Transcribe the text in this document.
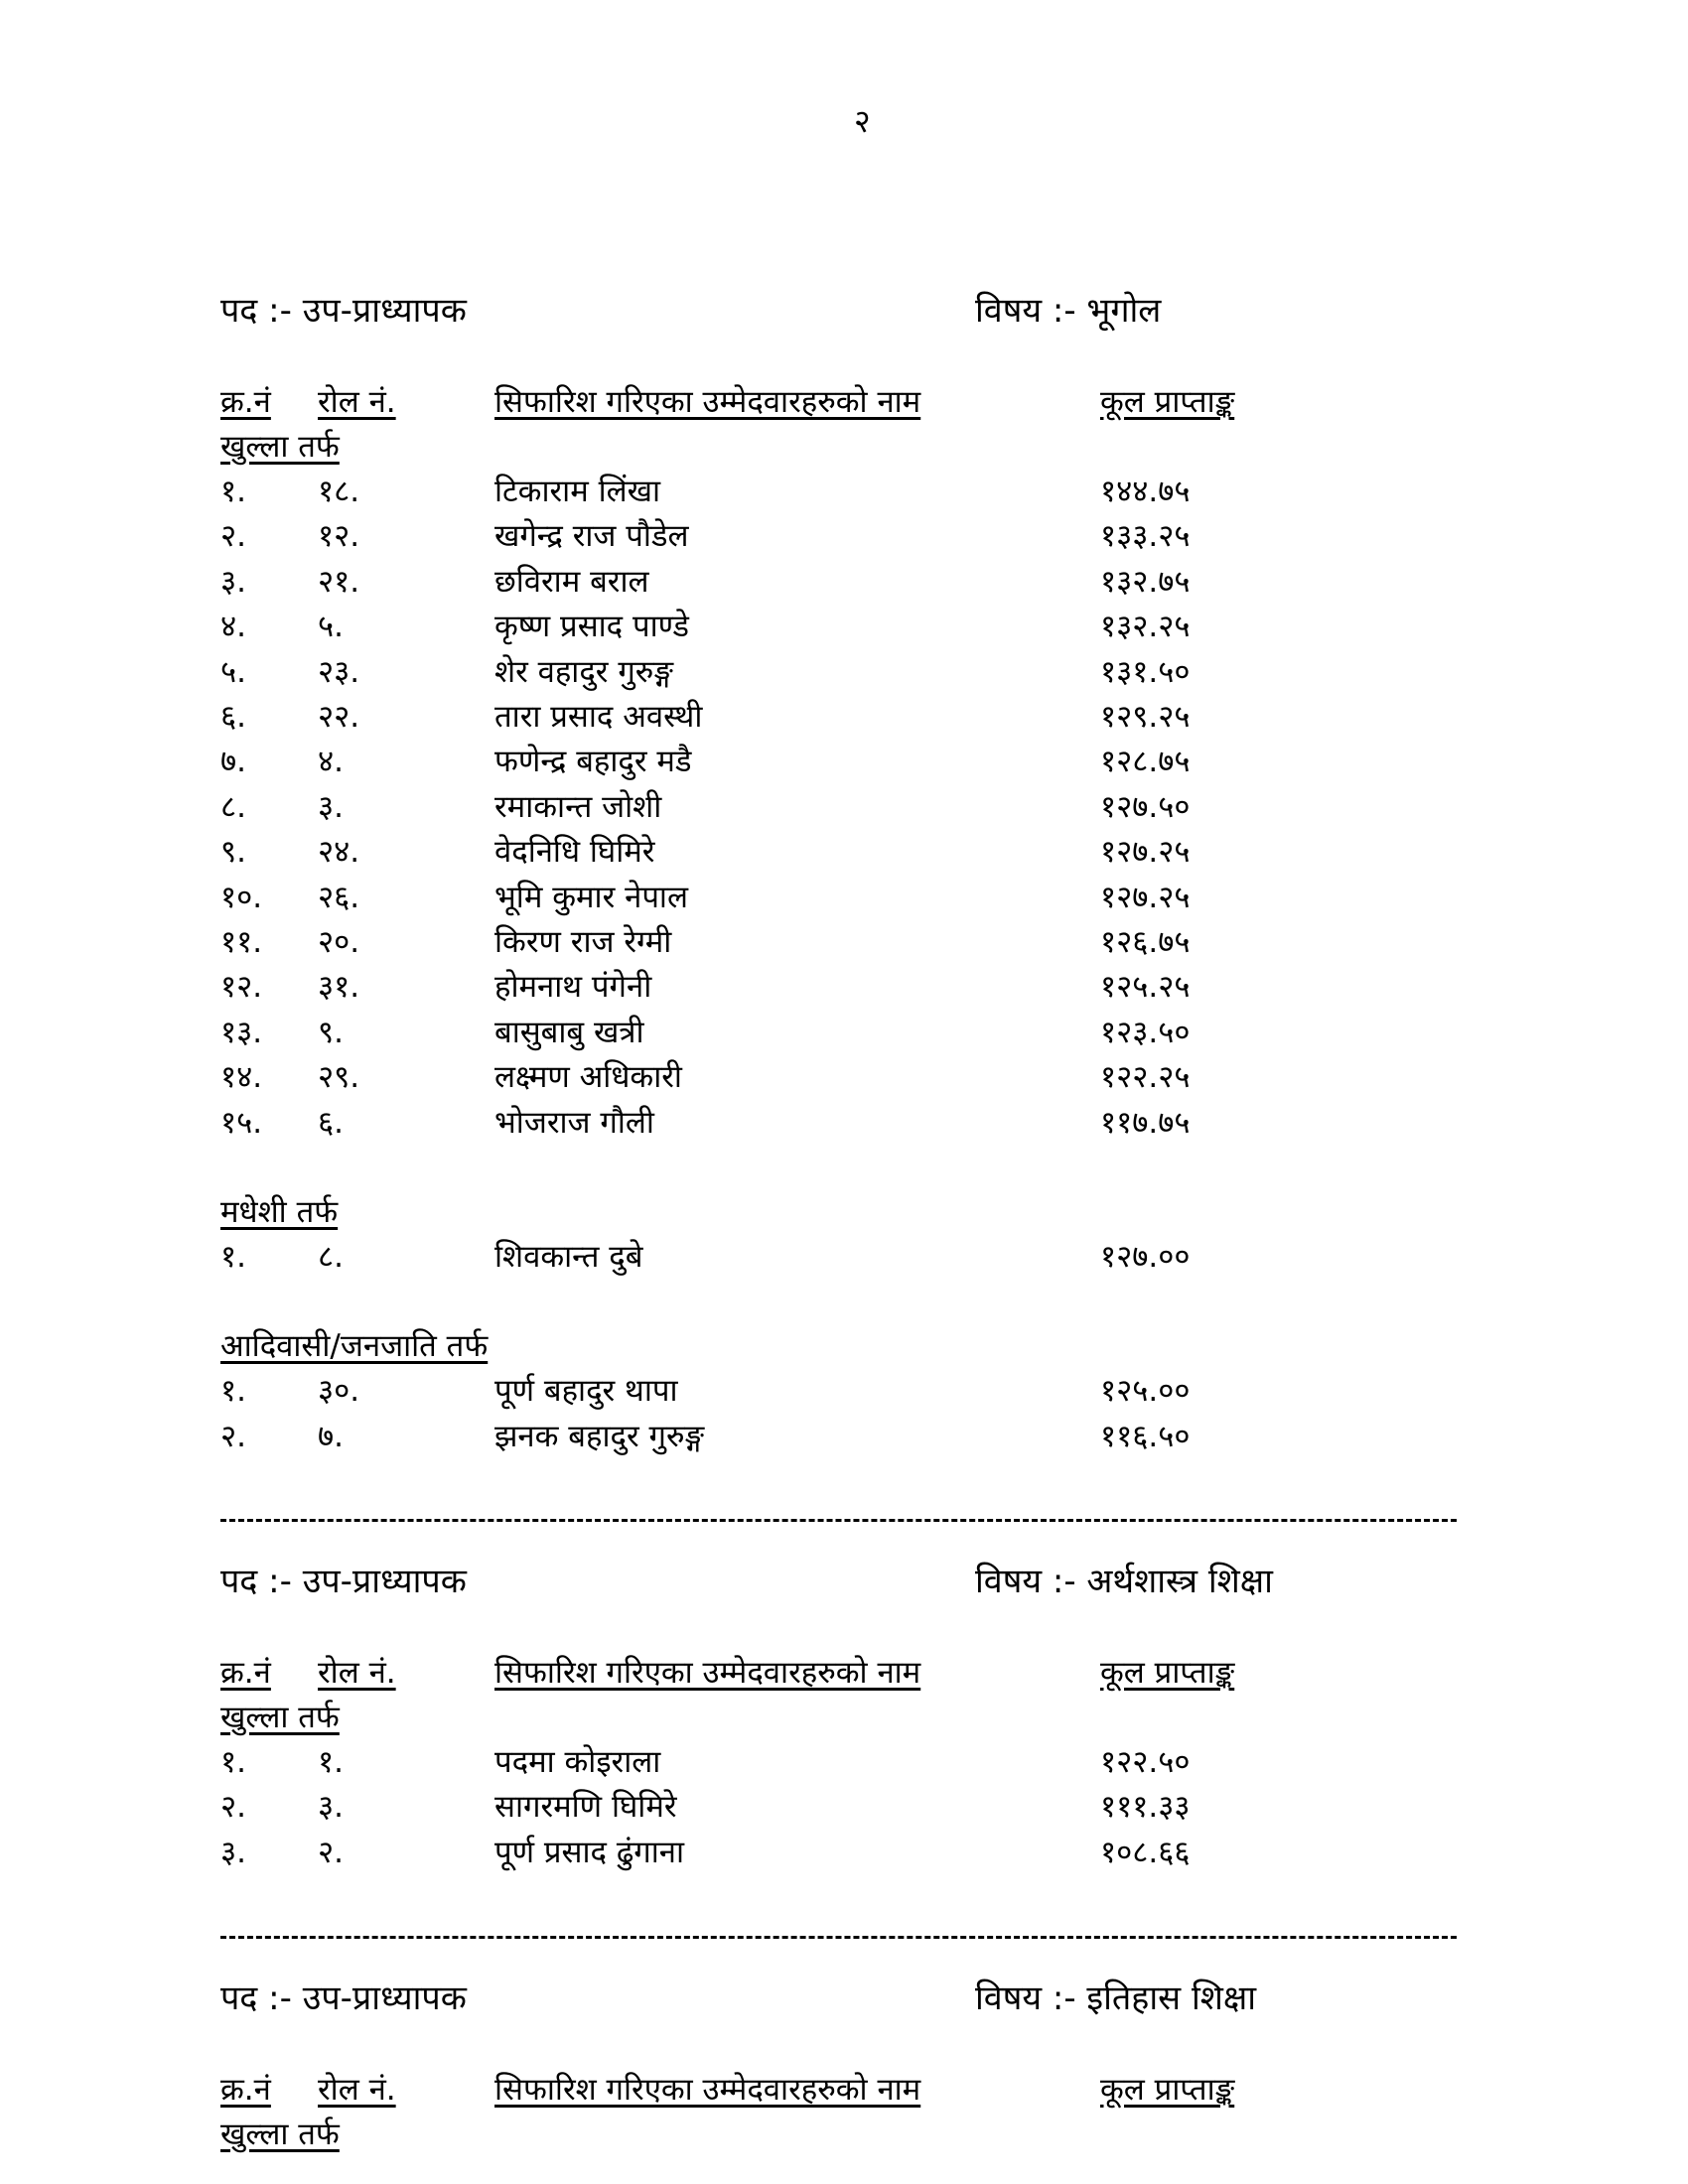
२
पद :- उप-प्राध्यापक	विषय :- भूगोल
क्र.नं रोल नं.	सिफारिश गरिएका उम्मेदवारहरुको नाम	कूल प्राप्ताङ्क
खुल्ला तर्फ
१. १८.	टिकाराम लिंखा	१४४.७५
२. १२.	खगेन्द्र राज पौडेल	१३३.२५
३. २१.	छविराम बराल	१३२.७५
४. ५.	कृष्ण प्रसाद पाण्डे	१३२.२५
५. २३.	शेर वहादुर गुरुङ्ग	१३१.५०
६. २२.	तारा प्रसाद अवस्थी	१२९.२५
७. ४.	फणेन्द्र बहादुर मडै	१२८.७५
८. ३.	रमाकान्त जोशी	१२७.५०
९. २४.	वेदनिधि घिमिरे	१२७.२५
१०. २६.	भूमि कुमार नेपाल	१२७.२५
११. २०.	किरण राज रेग्मी	१२६.७५
१२. ३१.	होमनाथ पंगेनी	१२५.२५
१३. ९.	बासुबाबु खत्री	१२३.५०
१४. २९.	लक्ष्मण अधिकारी	१२२.२५
१५. ६.	भोजराज गौली	११७.७५
मधेशी तर्फ
१. ८.	शिवकान्त दुबे	१२७.००
आदिवासी/जनजाति तर्फ
१. ३०.	पूर्ण बहादुर थापा	१२५.००
२. ७.	झनक बहादुर गुरुङ्ग	११६.५०
पद :- उप-प्राध्यापक	विषय :- अर्थशास्त्र शिक्षा
क्र.नं रोल नं.	सिफारिश गरिएका उम्मेदवारहरुको नाम	कूल प्राप्ताङ्क
खुल्ला तर्फ
१. १.	पदमा कोइराला	१२२.५०
२. ३.	सागरमणि घिमिरे	१११.३३
३. २.	पूर्ण प्रसाद ढुंगाना	१०८.६६
पद :- उप-प्राध्यापक	विषय :- इतिहास शिक्षा
क्र.नं रोल नं.	सिफारिश गरिएका उम्मेदवारहरुको नाम	कूल प्राप्ताङ्क
खुल्ला तर्फ
